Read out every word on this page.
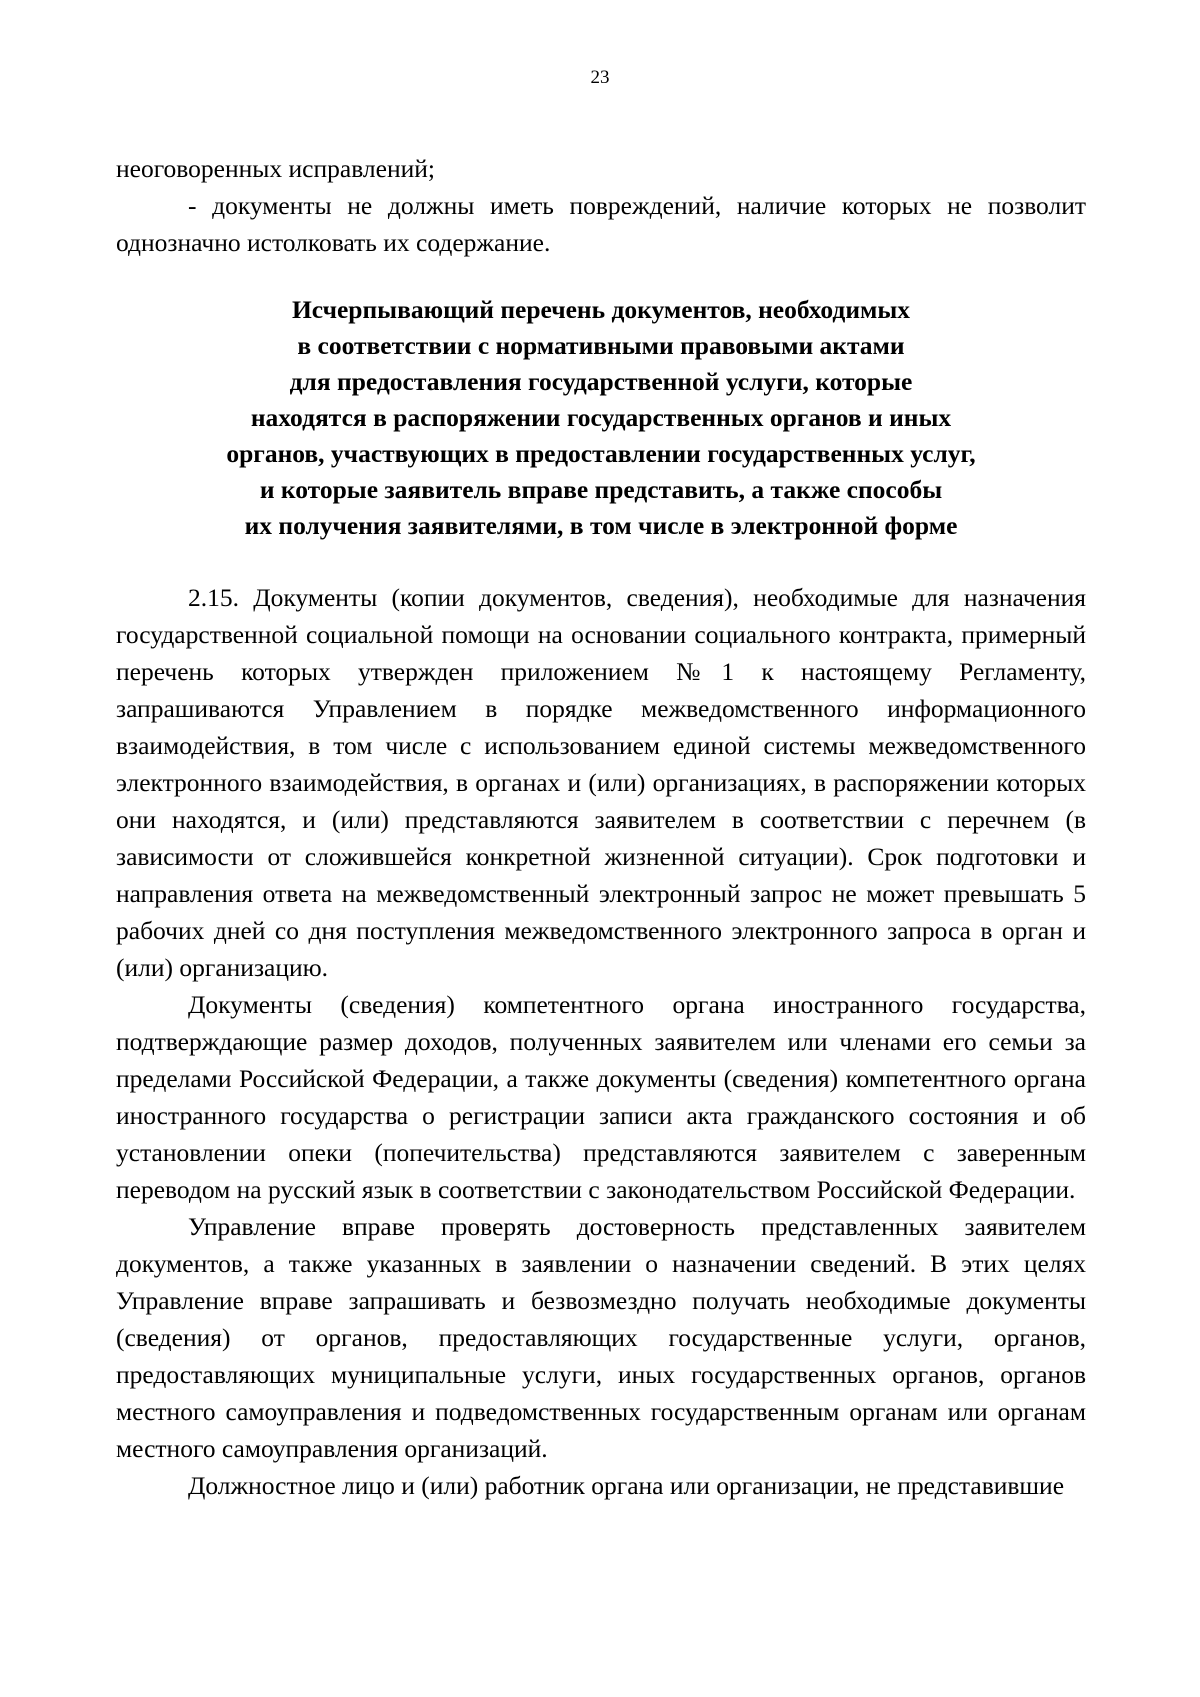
23

неоговоренных исправлений;

- документы не должны иметь повреждений, наличие которых не позволит однозначно истолковать их содержание.

Исчерпывающий перечень документов, необходимых
в соответствии с нормативными правовыми актами
для предоставления государственной услуги, которые
находятся в распоряжении государственных органов и иных
органов, участвующих в предоставлении государственных услуг,
и которые заявитель вправе представить, а также способы
их получения заявителями, в том числе в электронной форме

2.15. Документы (копии документов, сведения), необходимые для назначения государственной социальной помощи на основании социального контракта, примерный перечень которых утвержден приложением №1 к настоящему Регламенту, запрашиваются Управлением в порядке межведомственного информационного взаимодействия, в том числе с использованием единой системы межведомственного электронного взаимодействия, в органах и (или) организациях, в распоряжении которых они находятся, и (или) представляются заявителем в соответствии с перечнем (в зависимости от сложившейся конкретной жизненной ситуации). Срок подготовки и направления ответа на межведомственный электронный запрос не может превышать 5 рабочих дней со дня поступления межведомственного электронного запроса в орган и (или) организацию.

Документы (сведения) компетентного органа иностранного государства, подтверждающие размер доходов, полученных заявителем или членами его семьи за пределами Российской Федерации, а также документы (сведения) компетентного органа иностранного государства о регистрации записи акта гражданского состояния и об установлении опеки (попечительства) представляются заявителем с заверенным переводом на русский язык в соответствии с законодательством Российской Федерации.

Управление вправе проверять достоверность представленных заявителем документов, а также указанных в заявлении о назначении сведений. В этих целях Управление вправе запрашивать и безвозмездно получать необходимые документы (сведения) от органов, предоставляющих государственные услуги, органов, предоставляющих муниципальные услуги, иных государственных органов, органов местного самоуправления и подведомственных государственным органам или органам местного самоуправления организаций.

Должностное лицо и (или) работник органа или организации, не представившие
